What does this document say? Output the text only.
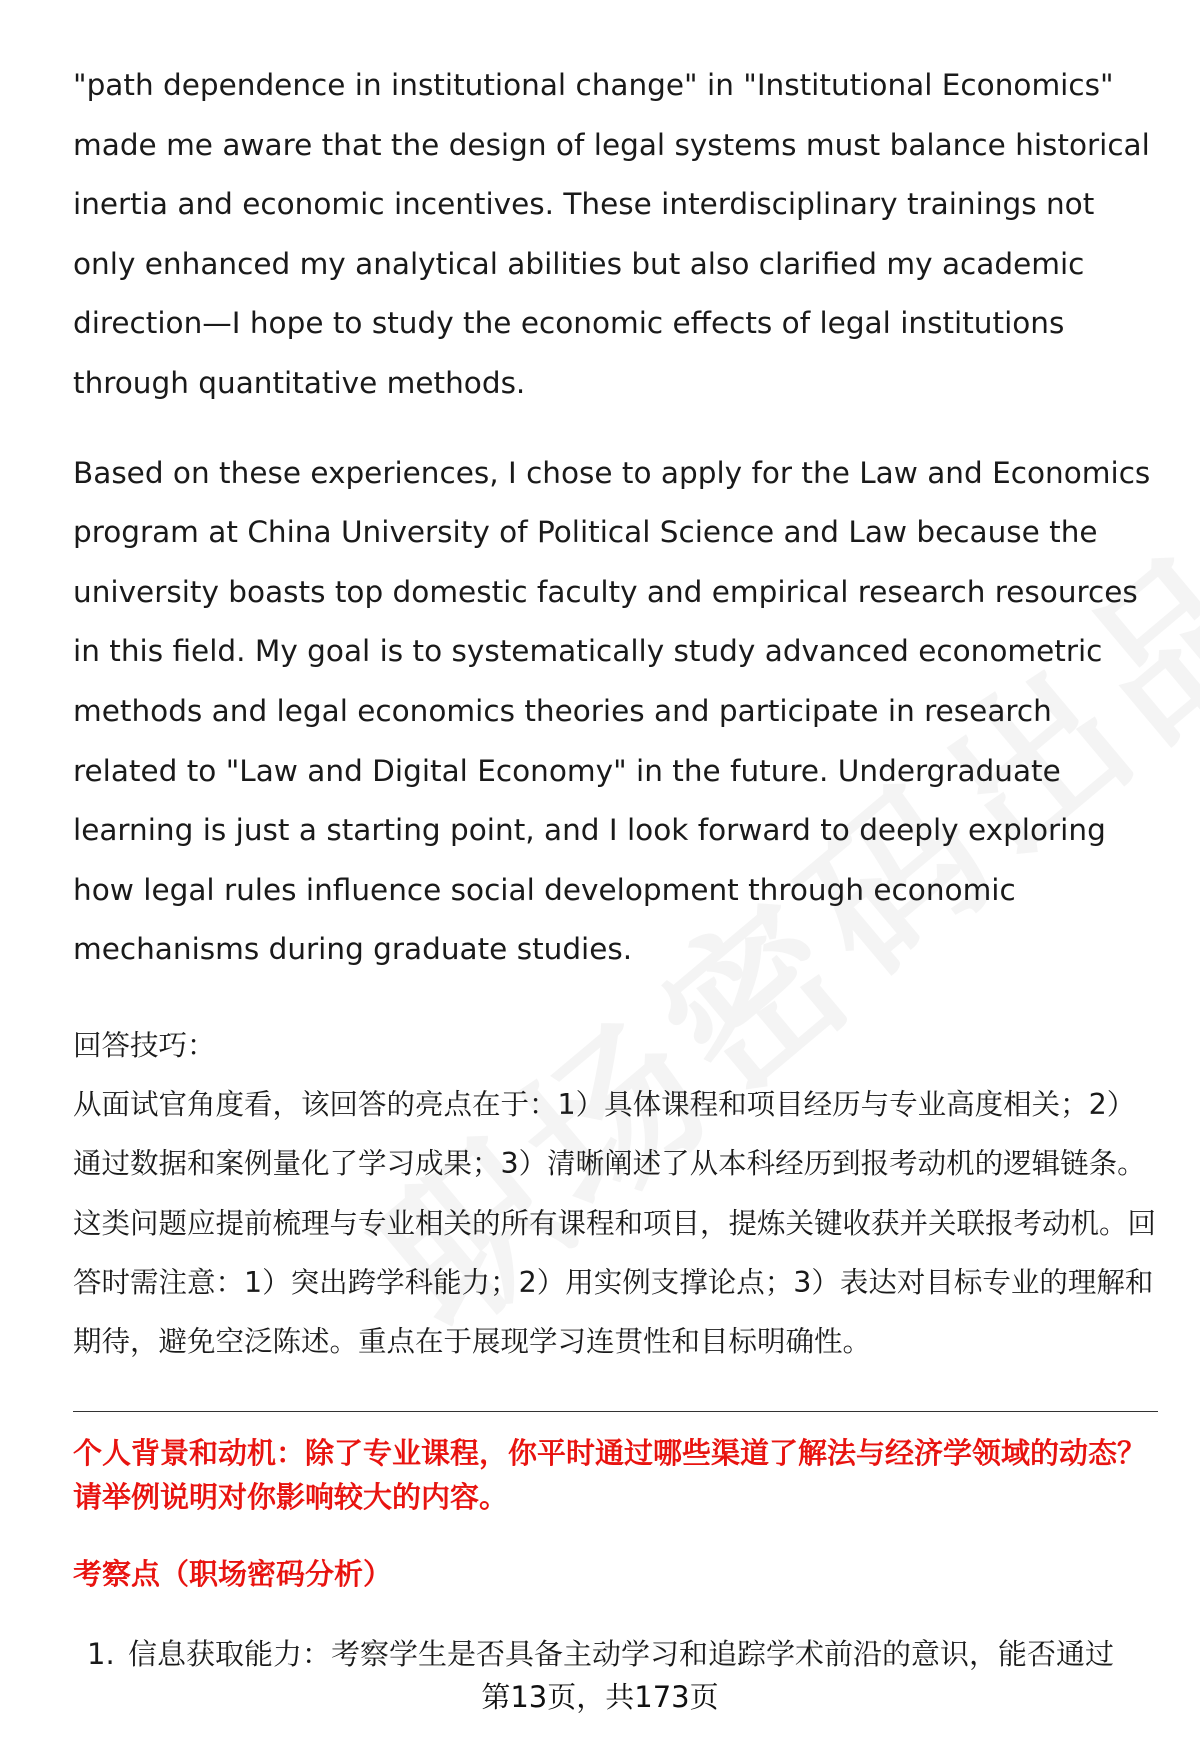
"path dependence in institutional change" in "Institutional Economics" made me aware that the design of legal systems must balance historical inertia and economic incentives. These interdisciplinary trainings not only enhanced my analytical abilities but also clarified my academic direction—I hope to study the economic effects of legal institutions through quantitative methods.

Based on these experiences, I chose to apply for the Law and Economics program at China University of Political Science and Law because the university boasts top domestic faculty and empirical research resources in this field. My goal is to systematically study advanced econometric methods and legal economics theories and participate in research related to "Law and Digital Economy" in the future. Undergraduate learning is just a starting point, and I look forward to deeply exploring how legal rules influence social development through economic mechanisms during graduate studies.

回答技巧：

从面试官角度看，该回答的亮点在于：1）具体课程和项目经历与专业高度相关；2）通过数据和案例量化了学习成果；3）清晰阐述了从本科经历到报考动机的逻辑链条。这类问题应提前梳理与专业相关的所有课程和项目，提炼关键收获并关联报考动机。回答时需注意：1）突出跨学科能力；2）用实例支撑论点；3）表达对目标专业的理解和期待，避免空泛陈述。重点在于展现学习连贯性和目标明确性。

个人背景和动机：除了专业课程，你平时通过哪些渠道了解法与经济学领域的动态？请举例说明对你影响较大的内容。

考察点（职场密码分析）

1. 信息获取能力：考察学生是否具备主动学习和追踪学术前沿的意识，能否通过
第13页，共173页
